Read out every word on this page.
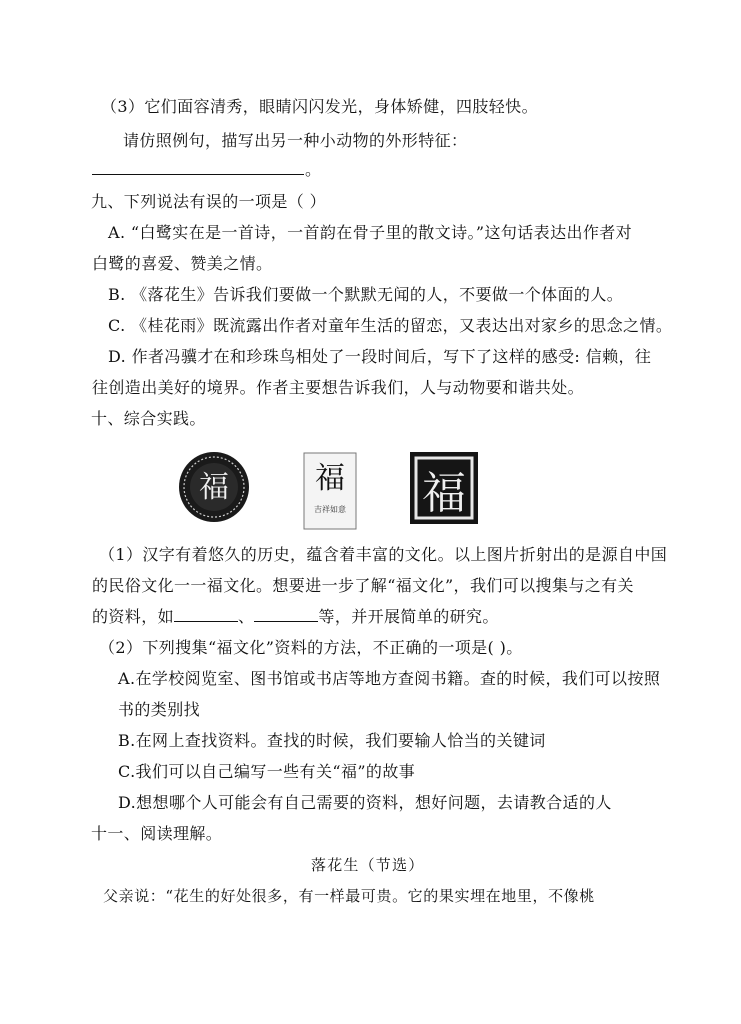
（3）它们面容清秀，眼睛闪闪发光，身体矫健，四肢轻快。
请仿照例句，描写出另一种小动物的外形特征：
。
九、下列说法有误的一项是（ ）
A. “白鹭实在是一首诗，一首韵在骨子里的散文诗。”这句话表达出作者对
白鹭的喜爱、赞美之情。
B. 《落花生》告诉我们要做一个默默无闻的人，不要做一个体面的人。
C. 《桂花雨》既流露出作者对童年生活的留恋，又表达出对家乡的思念之情。
D. 作者冯骥才在和珍珠鸟相处了一段时间后，写下了这样的感受: 信赖，往
往创造出美好的境界。作者主要想告诉我们，人与动物要和谐共处。
十、综合实践。
福	福
吉祥如意 福
（1）汉字有着悠久的历史，蕴含着丰富的文化。以上图片折射出的是源自中国
的民俗文化一一福文化。想要进一步了解“福文化”，我们可以搜集与之有关
的资料，如	、	等，并开展简单的研究。
（2）下列搜集“福文化”资料的方法，不正确的一项是( )。
A.在学校阅览室、图书馆或书店等地方查阅书籍。查的时候，我们可以按照
书的类别找
B.在网上查找资料。查找的时候，我们要输人恰当的关键词
C.我们可以自己编写一些有关“福”的故事
D.想想哪个人可能会有自己需要的资料，想好问题，去请教合适的人
十一、阅读理解。
落花生（节选）
父亲说：“花生的好处很多，有一样最可贵。它的果实埋在地里，不像桃
